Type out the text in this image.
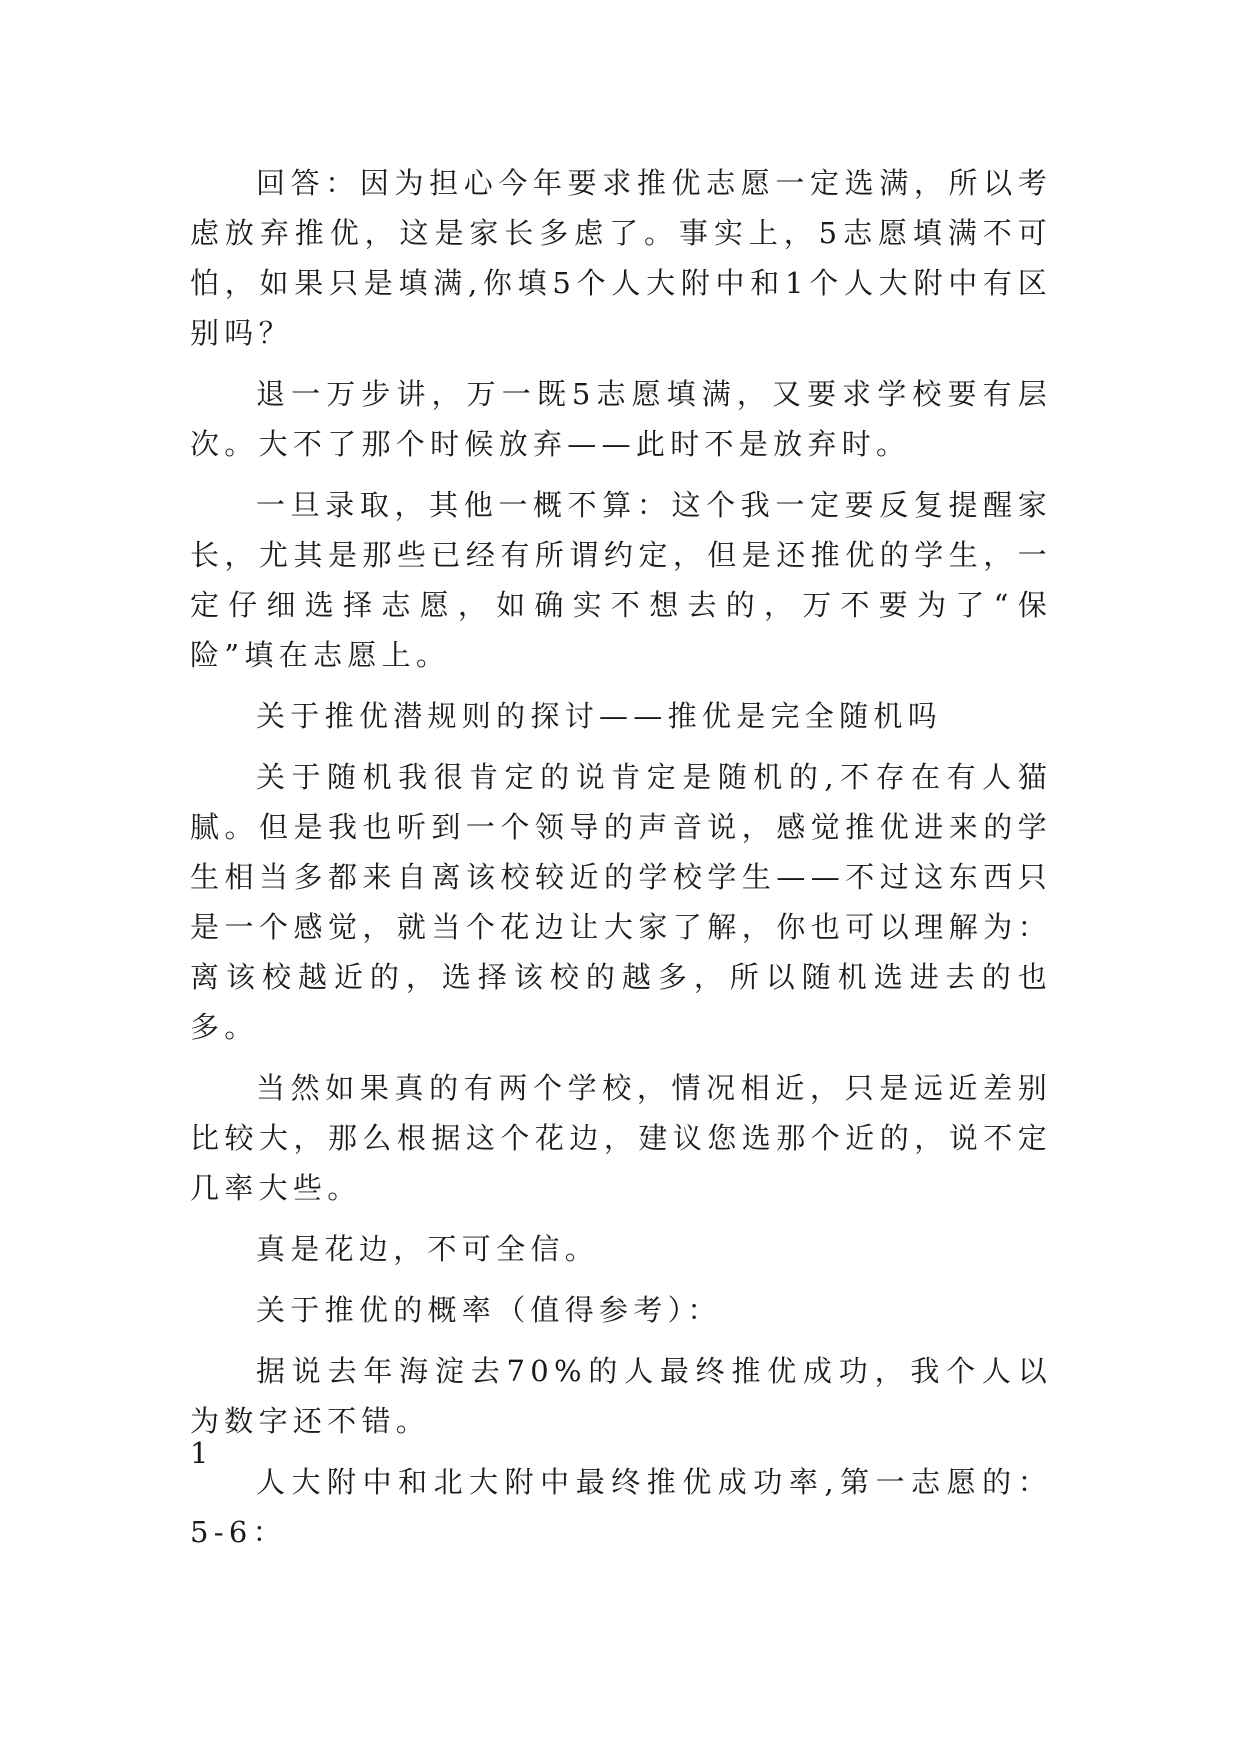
回答：因为担心今年要求推优志愿一定选满，所以考虑放弃推优，这是家长多虑了。事实上，5志愿填满不可怕，如果只是填满,你填5个人大附中和1个人大附中有区别吗？

退一万步讲，万一既5志愿填满，又要求学校要有层次。大不了那个时候放弃——此时不是放弃时。

一旦录取，其他一概不算：这个我一定要反复提醒家长，尤其是那些已经有所谓约定，但是还推优的学生，一定仔细选择志愿，如确实不想去的，万不要为了“保险”填在志愿上。

关于推优潜规则的探讨——推优是完全随机吗

关于随机我很肯定的说肯定是随机的,不存在有人猫腻。但是我也听到一个领导的声音说，感觉推优进来的学生相当多都来自离该校较近的学校学生——不过这东西只是一个感觉，就当个花边让大家了解，你也可以理解为：离该校越近的，选择该校的越多，所以随机选进去的也多。

当然如果真的有两个学校，情况相近，只是远近差别比较大，那么根据这个花边，建议您选那个近的，说不定几率大些。

真是花边，不可全信。

关于推优的概率（值得参考）：

据说去年海淀去70%的人最终推优成功，我个人以为数字还不错。

人大附中和北大附中最终推优成功率,第一志愿的：5-6：

1
